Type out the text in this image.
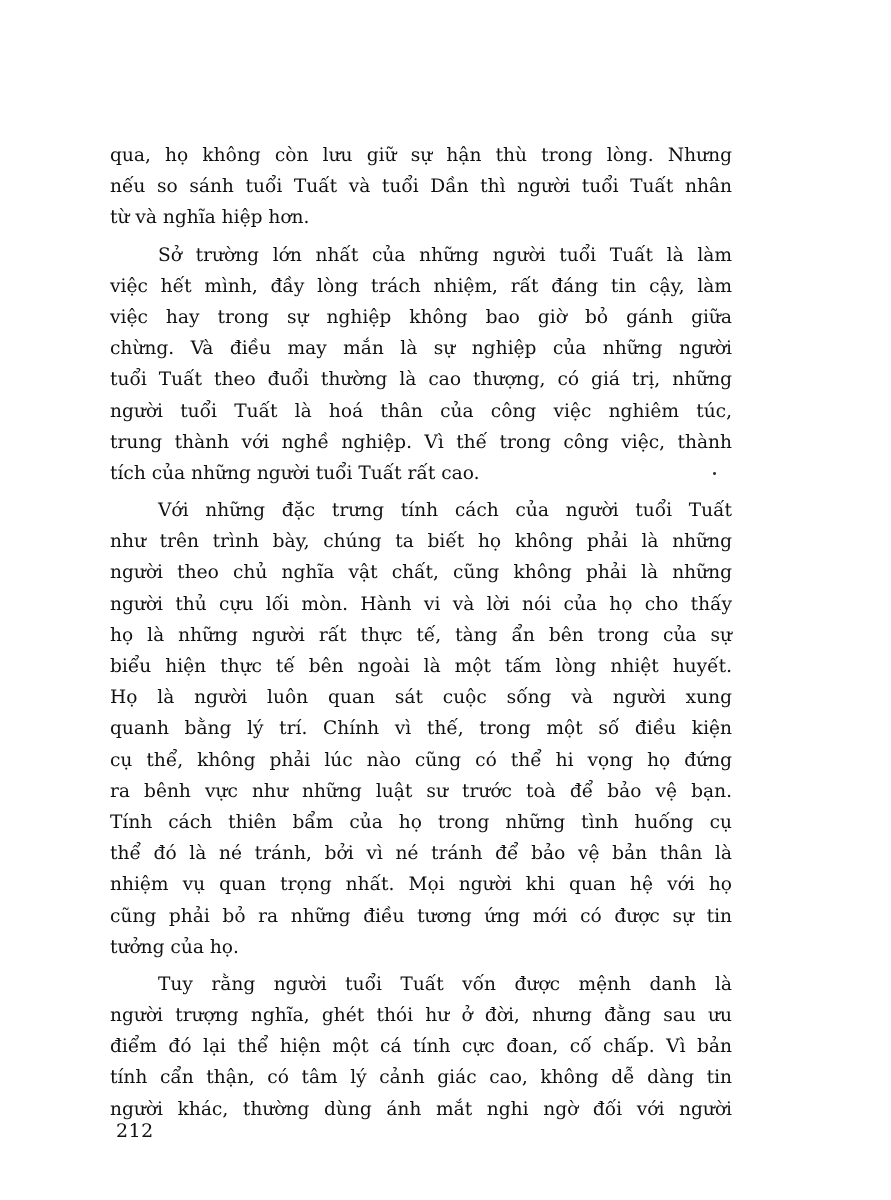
qua, họ không còn lưu giữ sự hận thù trong lòng. Nhưng
nếu so sánh tuổi Tuất và tuổi Dần thì người tuổi Tuất nhân
từ và nghĩa hiệp hơn.
Sở trường lớn nhất của những người tuổi Tuất là làm
việc hết mình, đầy lòng trách nhiệm, rất đáng tin cậy, làm
việc hay trong sự nghiệp không bao giờ bỏ gánh giữa
chừng. Và điều may mắn là sự nghiệp của những người
tuổi Tuất theo đuổi thường là cao thượng, có giá trị, những
người tuổi Tuất là hoá thân của công việc nghiêm túc,
trung thành với nghề nghiệp. Vì thế trong công việc, thành
tích của những người tuổi Tuất rất cao.
Với những đặc trưng tính cách của người tuổi Tuất
như trên trình bày, chúng ta biết họ không phải là những
người theo chủ nghĩa vật chất, cũng không phải là những
người thủ cựu lối mòn. Hành vi và lời nói của họ cho thấy
họ là những người rất thực tế, tàng ẩn bên trong của sự
biểu hiện thực tế bên ngoài là một tấm lòng nhiệt huyết.
Họ là người luôn quan sát cuộc sống và người xung
quanh bằng lý trí. Chính vì thế, trong một số điều kiện
cụ thể, không phải lúc nào cũng có thể hi vọng họ đứng
ra bênh vực như những luật sư trước toà để bảo vệ bạn.
Tính cách thiên bẩm của họ trong những tình huống cụ
thể đó là né tránh, bởi vì né tránh để bảo vệ bản thân là
nhiệm vụ quan trọng nhất. Mọi người khi quan hệ với họ
cũng phải bỏ ra những điều tương ứng mới có được sự tin
tưởng của họ.
Tuy rằng người tuổi Tuất vốn được mệnh danh là
người trượng nghĩa, ghét thói hư ở đời, nhưng đằng sau ưu
điểm đó lại thể hiện một cá tính cực đoan, cố chấp. Vì bản
tính cẩn thận, có tâm lý cảnh giác cao, không dễ dàng tin
người khác, thường dùng ánh mắt nghi ngờ đối với người
212
